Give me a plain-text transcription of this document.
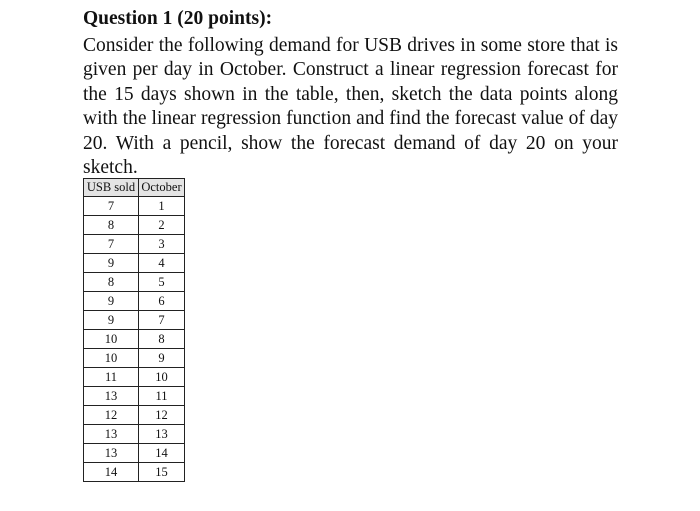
Question 1 (20 points):
Consider the following demand for USB drives in some store that is given per day in October. Construct a linear regression forecast for the 15 days shown in the table, then, sketch the data points along with the linear regression function and find the forecast value of day 20. With a pencil, show the forecast demand of day 20 on your sketch.
USB sold	October
7	1
8	2
7	3
9	4
8	5
9	6
9	7
10	8
10	9
11	10
13	11
12	12
13	13
13	14
14	15
